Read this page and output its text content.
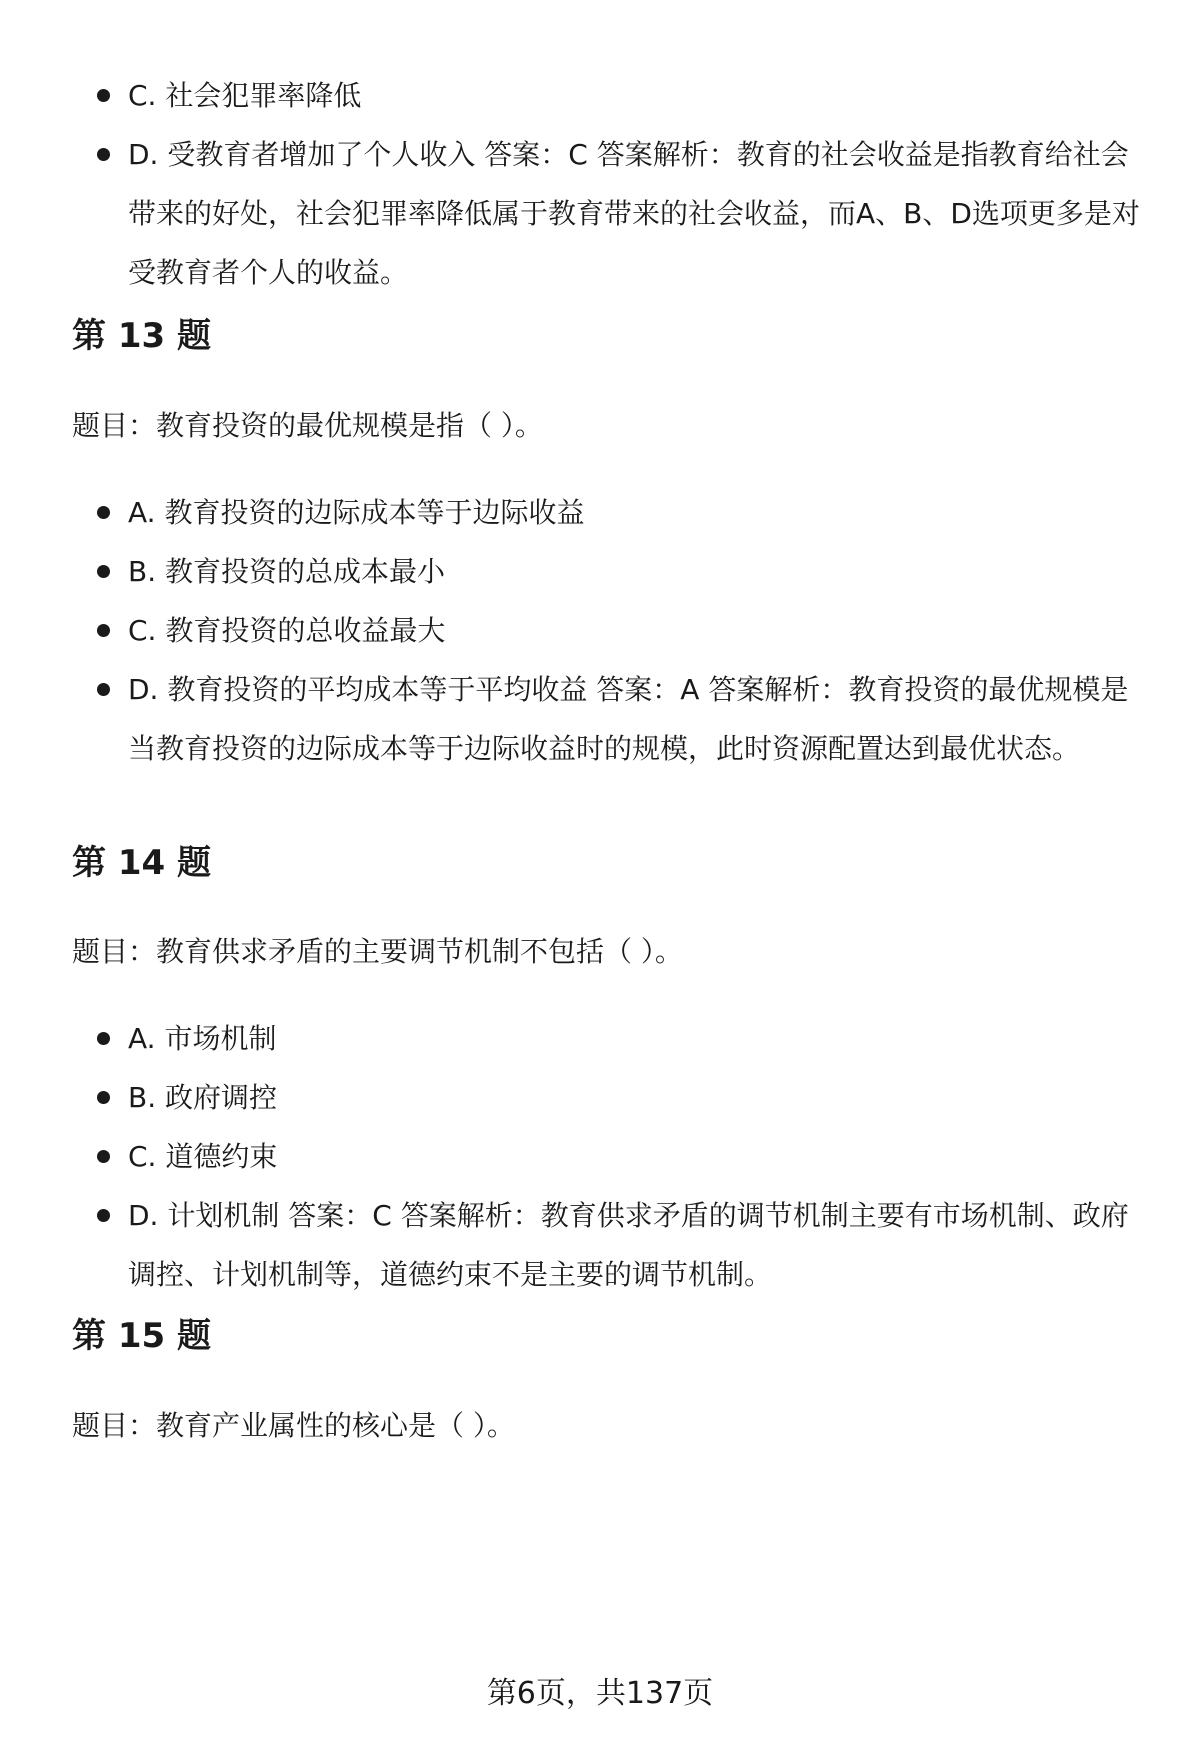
C. 社会犯罪率降低
D. 受教育者增加了个人收入 答案：C 答案解析：教育的社会收益是指教育给社会带来的好处，社会犯罪率降低属于教育带来的社会收益，而A、B、D选项更多是对受教育者个人的收益。
第 13 题

题目：教育投资的最优规模是指（ ）。

A. 教育投资的边际成本等于边际收益
B. 教育投资的总成本最小
C. 教育投资的总收益最大
D. 教育投资的平均成本等于平均收益 答案：A 答案解析：教育投资的最优规模是当教育投资的边际成本等于边际收益时的规模，此时资源配置达到最优状态。
第 14 题

题目：教育供求矛盾的主要调节机制不包括（ ）。

A. 市场机制
B. 政府调控
C. 道德约束
D. 计划机制 答案：C 答案解析：教育供求矛盾的调节机制主要有市场机制、政府调控、计划机制等，道德约束不是主要的调节机制。
第 15 题

题目：教育产业属性的核心是（ ）。

第6页，共137页
